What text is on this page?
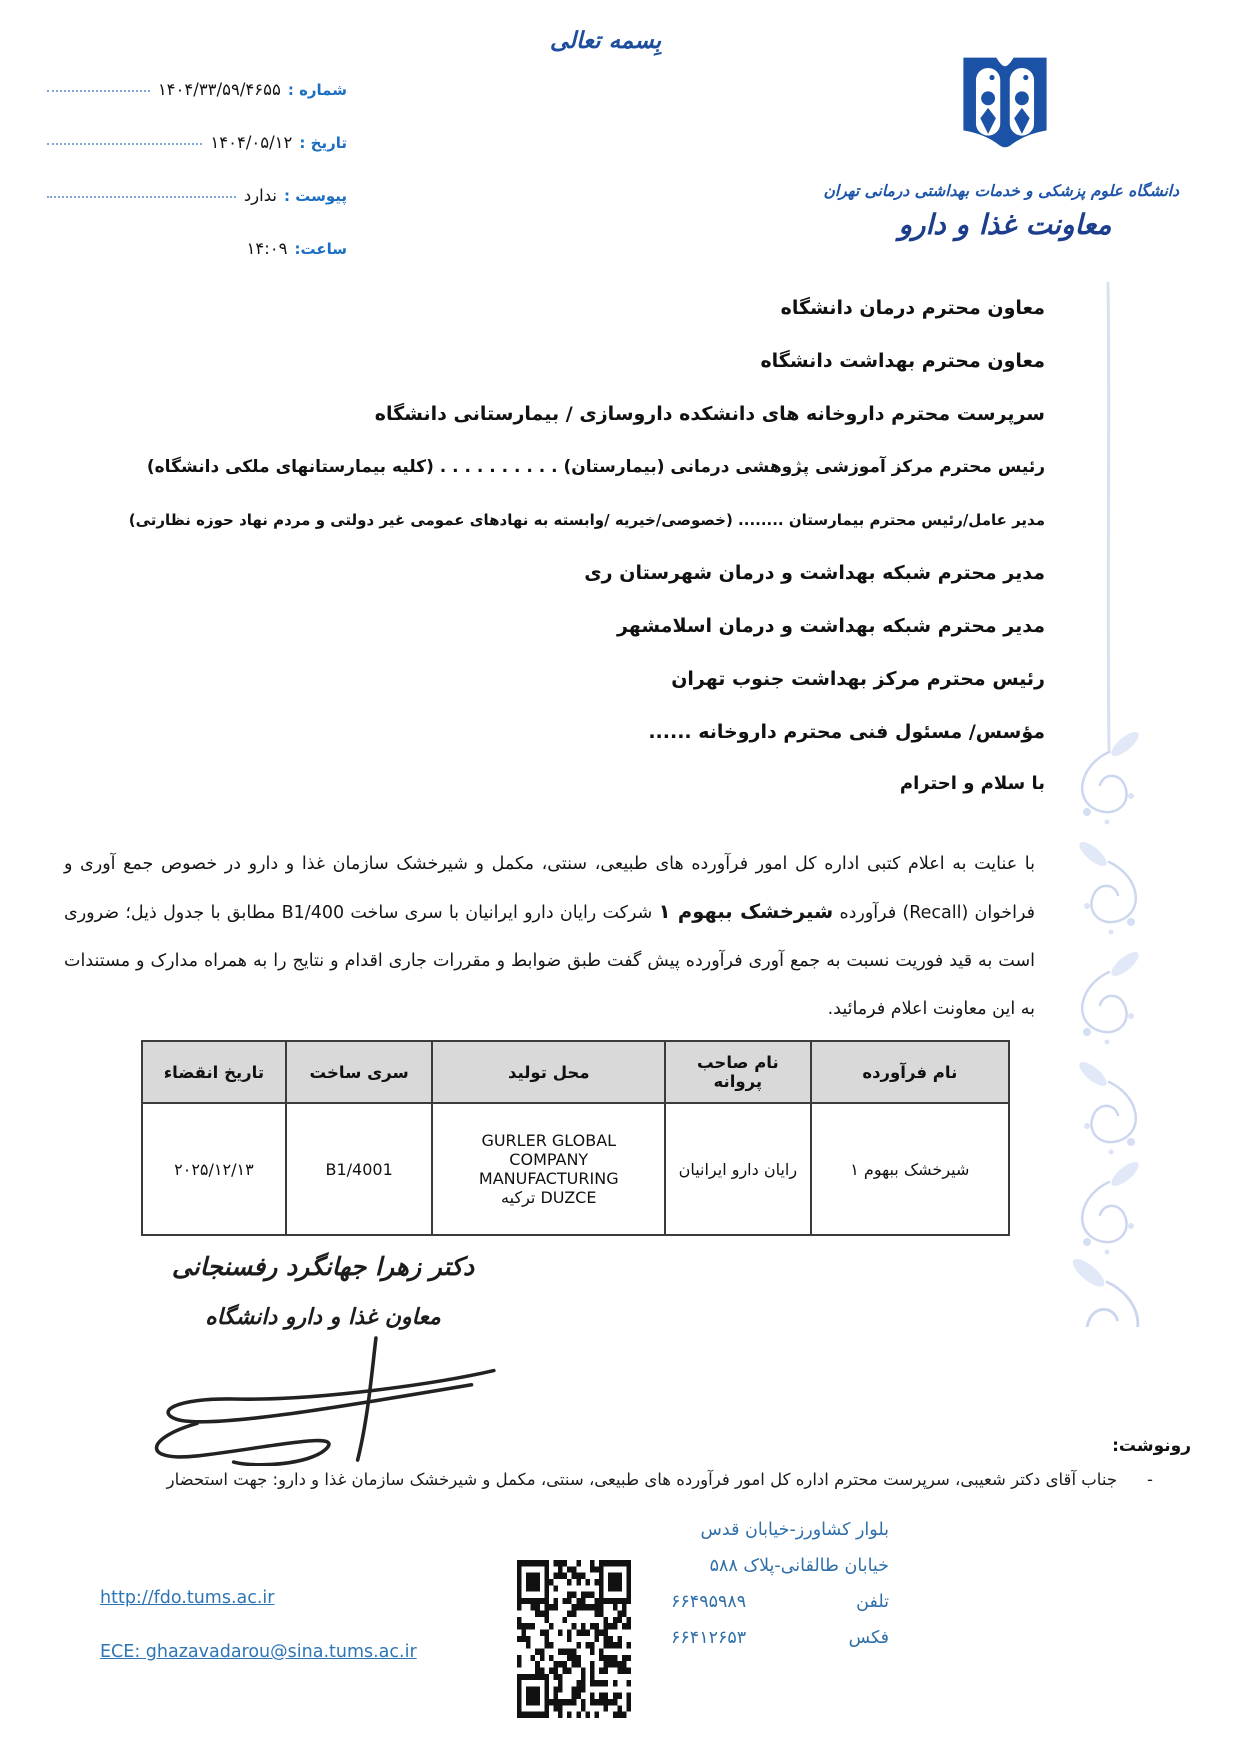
بِسمه تعالی
دانشگاه علوم پزشکی و خدمات بهداشتی درمانی تهران
معاونت غذا و دارو
شماره :
۱۴۰۴/۳۳/۵۹/۴۶۵۵
تاریخ :
۱۴۰۴/۰۵/۱۲
پیوست :
ندارد
ساعت:
۱۴:۰۹
معاون محترم درمان دانشگاه
معاون محترم بهداشت دانشگاه
سرپرست محترم داروخانه های دانشکده داروسازی / بیمارستانی دانشگاه
رئیس محترم مرکز آموزشی پژوهشی درمانی (بیمارستان) . . . . . . . . . . (کلیه بیمارستانهای ملکی دانشگاه)
مدیر عامل/رئیس محترم بیمارستان ........ (خصوصی/خیریه /وابسته به نهادهای عمومی غیر دولتی و مردم نهاد حوزه نظارتی)
مدیر محترم شبکه بهداشت و درمان شهرستان ری
مدیر محترم شبکه بهداشت و درمان اسلامشهر
رئیس محترم مرکز بهداشت جنوب تهران
مؤسس/ مسئول فنی محترم داروخانه ......
با سلام و احترام

با عنایت به اعلام کتبی اداره کل امور فرآورده های طبیعی، سنتی، مکمل و شیرخشک سازمان غذا و دارو در خصوص جمع آوری و فراخوان (Recall) فرآورده شیرخشک ببهوم ۱ شرکت رایان دارو ایرانیان با سری ساخت B1/400 مطابق با جدول ذیل؛ ضروری است به قید فوریت نسبت به جمع آوری فرآورده پیش گفت طبق ضوابط و مقررات جاری اقدام و نتایج را به همراه مدارک و مستندات به این معاونت اعلام فرمائید.

نام فرآورده	نام صاحب پروانه	محل تولید	سری ساخت	تاریخ انقضاء
شیرخشک ببهوم ۱	رایان دارو ایرانیان	GURLER GLOBAL
COMPANY
MANUFACTURING
DUZCE ترکیه	B1/4001	۲۰۲۵/۱۲/۱۳
دکتر زهرا جهانگرد رفسنجانی
معاون غذا و دارو دانشگاه
رونوشت:
-
جناب آقای دکتر شعیبی، سرپرست محترم اداره کل امور فرآورده های طبیعی، سنتی، مکمل و شیرخشک سازمان غذا و دارو: جهت استحضار
بلوار کشاورز-خیابان قدس
خیابان طالقانی-پلاک ۵۸۸
تلفن
۶۶۴۹۵۹۸۹
فکس
۶۶۴۱۲۶۵۳
http://fdo.tums.ac.ir
ECE: ghazavadarou@sina.tums.ac.ir
